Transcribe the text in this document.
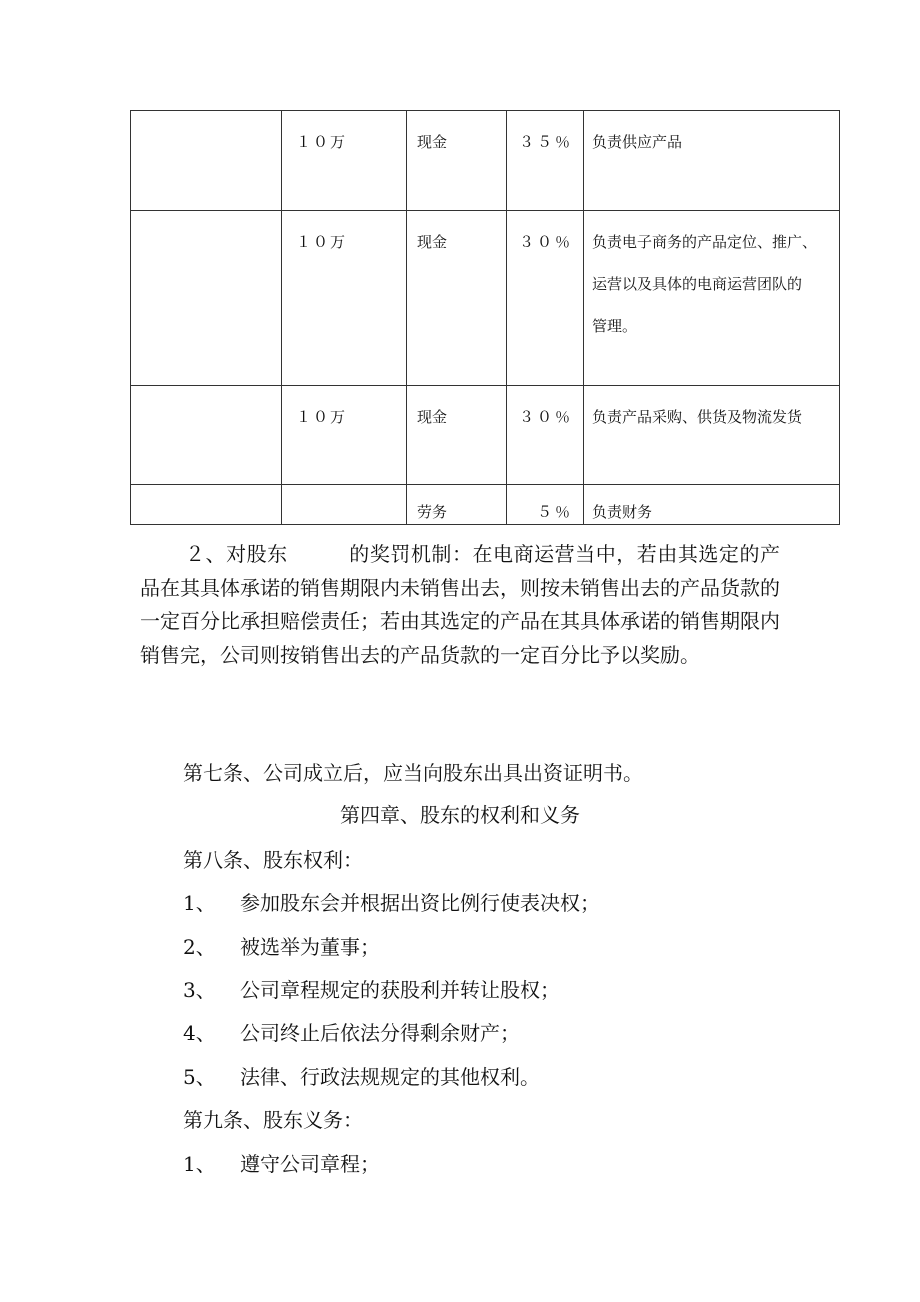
	１０万	现金	３５％	负责供应产品

	１０万	现金	３０％	负责电子商务的产品定位、推广、
运营以及具体的电商运营团队的
管理。

	１０万	现金	３０％	负责产品采购、供货及物流发货

		劳务	５％	负责财务
２、对股东　　　的奖罚机制：在电商运营当中，若由其选定的产品在其具体承诺的销售期限内未销售出去，则按未销售出去的产品货款的一定百分比承担赔偿责任；若由其选定的产品在其具体承诺的销售期限内销售完，公司则按销售出去的产品货款的一定百分比予以奖励。
第七条、公司成立后，应当向股东出具出资证明书。
第四章、股东的权利和义务
第八条、股东权利：
1、 参加股东会并根据出资比例行使表决权；
2、 被选举为董事；
3、 公司章程规定的获股利并转让股权；
4、 公司终止后依法分得剩余财产；
5、 法律、行政法规规定的其他权利。
第九条、股东义务：
1、 遵守公司章程；
